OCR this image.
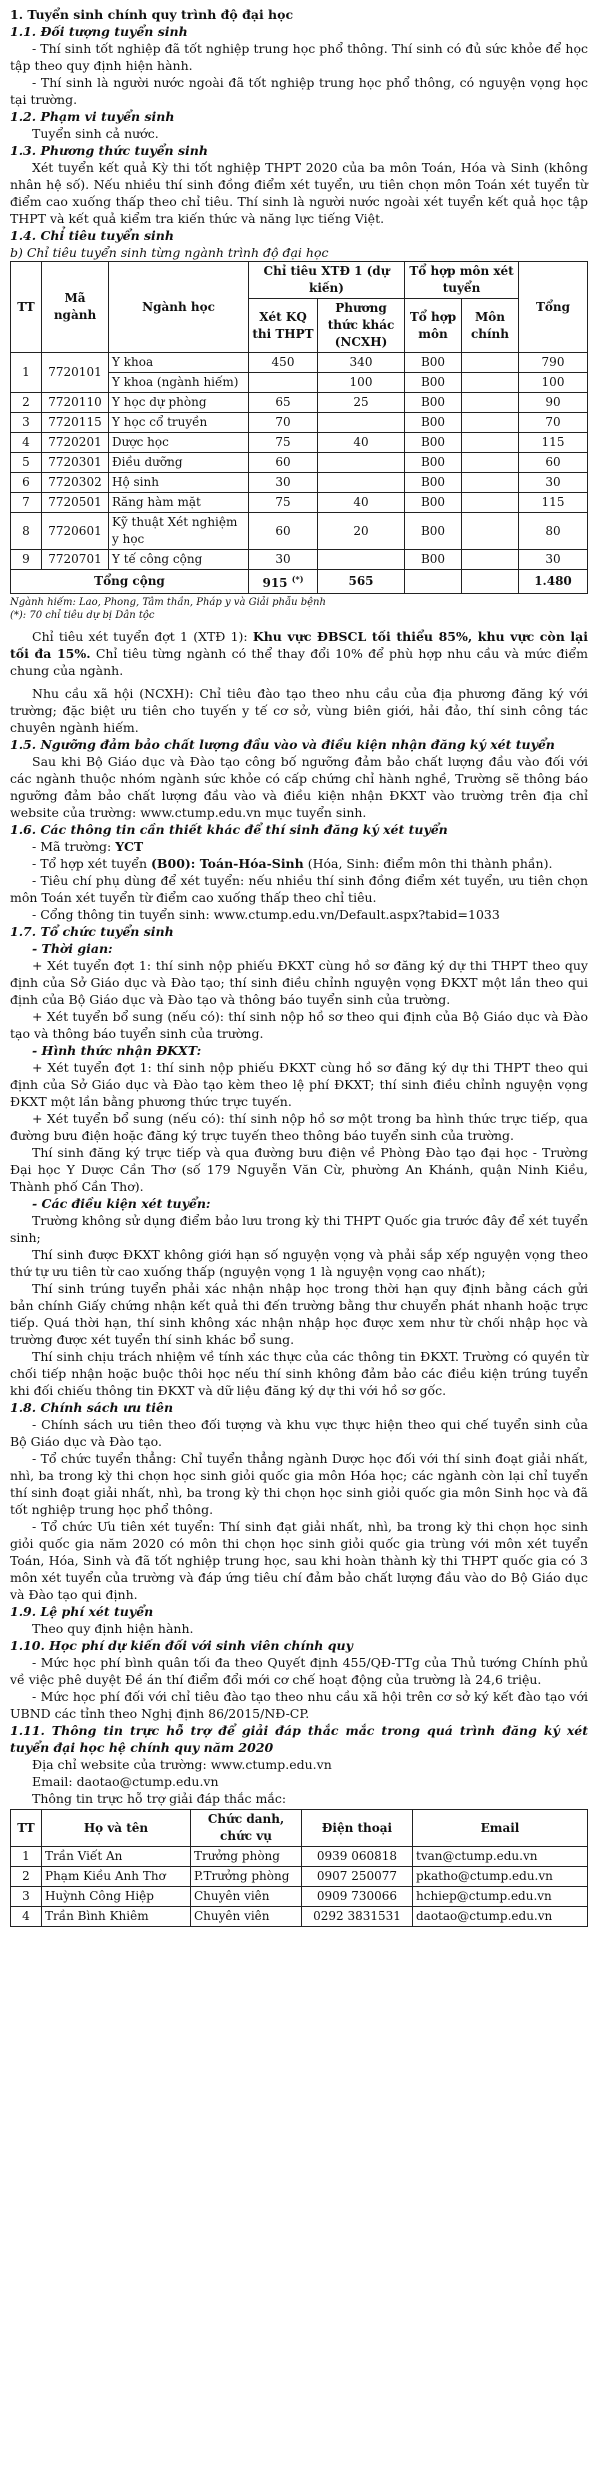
1. Tuyển sinh chính quy trình độ đại học

1.1. Đối tượng tuyển sinh

- Thí sinh tốt nghiệp đã tốt nghiệp trung học phổ thông. Thí sinh có đủ sức khỏe để học tập theo quy định hiện hành.

- Thí sinh là người nước ngoài đã tốt nghiệp trung học phổ thông, có nguyện vọng học tại trường.

1.2. Phạm vi tuyển sinh

Tuyển sinh cả nước.

1.3. Phương thức tuyển sinh

Xét tuyển kết quả Kỳ thi tốt nghiệp THPT 2020 của ba môn Toán, Hóa và Sinh (không nhân hệ số). Nếu nhiều thí sinh đồng điểm xét tuyển, ưu tiên chọn môn Toán xét tuyển từ điểm cao xuống thấp theo chỉ tiêu. Thí sinh là người nước ngoài xét tuyển kết quả học tập THPT và kết quả kiểm tra kiến thức và năng lực tiếng Việt.

1.4. Chỉ tiêu tuyển sinh

b) Chỉ tiêu tuyển sinh từng ngành trình độ đại học

TT	Mã ngành	Ngành học	Chỉ tiêu XTĐ 1 (dự kiến)		Tổ hợp môn xét tuyển		Tổng
			Xét KQ thi THPT	Phương thức khác (NCXH)	Tổ hợp môn	Môn chính	
1	7720101	Y khoa	450	340	B00		790
		Y khoa (ngành hiếm)		100	B00		100
2	7720110	Y học dự phòng	65	25	B00		90
3	7720115	Y học cổ truyền	70		B00		70
4	7720201	Dược học	75	40	B00		115
5	7720301	Điều dưỡng	60		B00		60
6	7720302	Hộ sinh	30		B00		30
7	7720501	Răng hàm mặt	75	40	B00		115
8	7720601	Kỹ thuật Xét nghiệm y học	60	20	B00		80
9	7720701	Y tế công cộng	30		B00		30
Tổng cộng			915 (*)	565			1.480

Ngành hiếm: Lao, Phong, Tâm thần, Pháp y và Giải phẫu bệnh

(*): 70 chỉ tiêu dự bị Dân tộc

Chỉ tiêu xét tuyển đợt 1 (XTĐ 1): Khu vực ĐBSCL tối thiểu 85%, khu vực còn lại tối đa 15%. Chỉ tiêu từng ngành có thể thay đổi 10% để phù hợp nhu cầu và mức điểm chung của ngành.

Nhu cầu xã hội (NCXH): Chỉ tiêu đào tạo theo nhu cầu của địa phương đăng ký với trường; đặc biệt ưu tiên cho tuyến y tế cơ sở, vùng biên giới, hải đảo, thí sinh công tác chuyên ngành hiếm.

1.5. Ngưỡng đảm bảo chất lượng đầu vào và điều kiện nhận đăng ký xét tuyển

Sau khi Bộ Giáo dục và Đào tạo công bố ngưỡng đảm bảo chất lượng đầu vào đối với các ngành thuộc nhóm ngành sức khỏe có cấp chứng chỉ hành nghề, Trường sẽ thông báo ngưỡng đảm bảo chất lượng đầu vào và điều kiện nhận ĐKXT vào trường trên địa chỉ website của trường: www.ctump.edu.vn mục tuyển sinh.

1.6. Các thông tin cần thiết khác để thí sinh đăng ký xét tuyển

- Mã trường: YCT

- Tổ hợp xét tuyển (B00): Toán-Hóa-Sinh (Hóa, Sinh: điểm môn thi thành phần).

- Tiêu chí phụ dùng để xét tuyển: nếu nhiều thí sinh đồng điểm xét tuyển, ưu tiên chọn môn Toán xét tuyển từ điểm cao xuống thấp theo chỉ tiêu.

- Cổng thông tin tuyển sinh: www.ctump.edu.vn/Default.aspx?tabid=1033

1.7. Tổ chức tuyển sinh

- Thời gian:

+ Xét tuyển đợt 1: thí sinh nộp phiếu ĐKXT cùng hồ sơ đăng ký dự thi THPT theo quy định của Sở Giáo dục và Đào tạo; thí sinh điều chỉnh nguyện vọng ĐKXT một lần theo qui định của Bộ Giáo dục và Đào tạo và thông báo tuyển sinh của trường.

+ Xét tuyển bổ sung (nếu có): thí sinh nộp hồ sơ theo qui định của Bộ Giáo dục và Đào tạo và thông báo tuyển sinh của trường.

- Hình thức nhận ĐKXT:

+ Xét tuyển đợt 1: thí sinh nộp phiếu ĐKXT cùng hồ sơ đăng ký dự thi THPT theo qui định của Sở Giáo dục và Đào tạo kèm theo lệ phí ĐKXT; thí sinh điều chỉnh nguyện vọng ĐKXT một lần bằng phương thức trực tuyến.

+ Xét tuyển bổ sung (nếu có): thí sinh nộp hồ sơ một trong ba hình thức trực tiếp, qua đường bưu điện hoặc đăng ký trực tuyến theo thông báo tuyển sinh của trường.

Thí sinh đăng ký trực tiếp và qua đường bưu điện về Phòng Đào tạo đại học - Trường Đại học Y Dược Cần Thơ (số 179 Nguyễn Văn Cừ, phường An Khánh, quận Ninh Kiều, Thành phố Cần Thơ).

- Các điều kiện xét tuyển:

Trường không sử dụng điểm bảo lưu trong kỳ thi THPT Quốc gia trước đây để xét tuyển sinh;

Thí sinh được ĐKXT không giới hạn số nguyện vọng và phải sắp xếp nguyện vọng theo thứ tự ưu tiên từ cao xuống thấp (nguyện vọng 1 là nguyện vọng cao nhất);

Thí sinh trúng tuyển phải xác nhận nhập học trong thời hạn quy định bằng cách gửi bản chính Giấy chứng nhận kết quả thi đến trường bằng thư chuyển phát nhanh hoặc trực tiếp. Quá thời hạn, thí sinh không xác nhận nhập học được xem như từ chối nhập học và trường được xét tuyển thí sinh khác bổ sung.

Thí sinh chịu trách nhiệm về tính xác thực của các thông tin ĐKXT. Trường có quyền từ chối tiếp nhận hoặc buộc thôi học nếu thí sinh không đảm bảo các điều kiện trúng tuyển khi đối chiếu thông tin ĐKXT và dữ liệu đăng ký dự thi với hồ sơ gốc.

1.8. Chính sách ưu tiên

- Chính sách ưu tiên theo đối tượng và khu vực thực hiện theo qui chế tuyển sinh của Bộ Giáo dục và Đào tạo.

- Tổ chức tuyển thẳng: Chỉ tuyển thẳng ngành Dược học đối với thí sinh đoạt giải nhất, nhì, ba trong kỳ thi chọn học sinh giỏi quốc gia môn Hóa học; các ngành còn lại chỉ tuyển thí sinh đoạt giải nhất, nhì, ba trong kỳ thi chọn học sinh giỏi quốc gia môn Sinh học và đã tốt nghiệp trung học phổ thông.

- Tổ chức Ưu tiên xét tuyển: Thí sinh đạt giải nhất, nhì, ba trong kỳ thi chọn học sinh giỏi quốc gia năm 2020 có môn thi chọn học sinh giỏi quốc gia trùng với môn xét tuyển Toán, Hóa, Sinh và đã tốt nghiệp trung học, sau khi hoàn thành kỳ thi THPT quốc gia có 3 môn xét tuyển của trường và đáp ứng tiêu chí đảm bảo chất lượng đầu vào do Bộ Giáo dục và Đào tạo qui định.

1.9. Lệ phí xét tuyển

Theo quy định hiện hành.

1.10. Học phí dự kiến đối với sinh viên chính quy

- Mức học phí bình quân tối đa theo Quyết định 455/QĐ-TTg của Thủ tướng Chính phủ về việc phê duyệt Đề án thí điểm đổi mới cơ chế hoạt động của trường là 24,6 triệu.

- Mức học phí đối với chỉ tiêu đào tạo theo nhu cầu xã hội trên cơ sở ký kết đào tạo với UBND các tỉnh theo Nghị định 86/2015/NĐ-CP.

1.11. Thông tin trực hỗ trợ để giải đáp thắc mắc trong quá trình đăng ký xét tuyển đại học hệ chính quy năm 2020

Địa chỉ website của trường: www.ctump.edu.vn

Email: daotao@ctump.edu.vn

Thông tin trực hỗ trợ giải đáp thắc mắc:

TT	Họ và tên	Chức danh, chức vụ	Điện thoại	Email
1	Trần Viết An	Trưởng phòng	0939 060818	tvan@ctump.edu.vn
2	Phạm Kiều Anh Thơ	P.Trưởng phòng	0907 250077	pkatho@ctump.edu.vn
3	Huỳnh Công Hiệp	Chuyên viên	0909 730066	hchiep@ctump.edu.vn
4	Trần Bình Khiêm	Chuyên viên	0292 3831531	daotao@ctump.edu.vn
